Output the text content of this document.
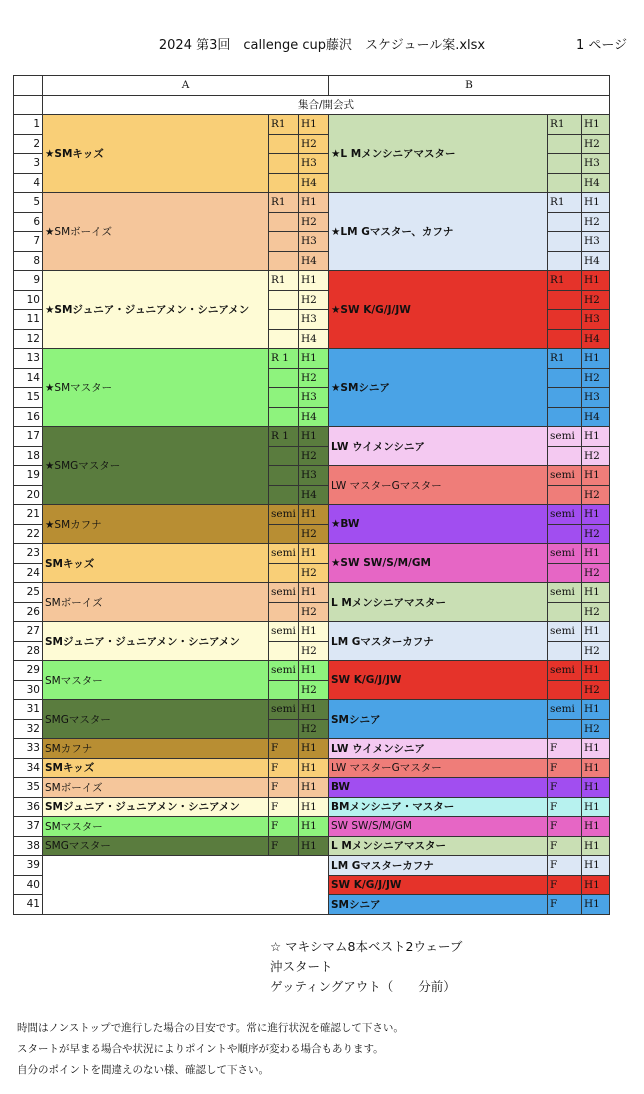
2024 第3回　callenge cup藤沢　スケジュール案.xlsx	1 ページ
	A			B		
	集合/開会式					
1	★SMキッズ	R1	H1	★L Mメンシニアマスター	R1	H1
2			H2			H2
3			H3			H3
4			H4			H4
5	★SMボーイズ	R1	H1	★LM Gマスター、カフナ	R1	H1
6			H2			H2
7			H3			H3
8			H4			H4
9	★SMジュニア・ジュニアメン・シニアメン	R1	H1	★SW K/G/J/JW	R1	H1
10			H2			H2
11			H3			H3
12			H4			H4
13	★SMマスター	R 1	H1	★SMシニア	R1	H1
14			H2			H2
15			H3			H3
16			H4			H4
17	★SMGマスター	R 1	H1	LW ウイメンシニア	semi	H1
18			H2			H2
19			H3	LW マスターGマスター	semi	H1
20			H4			H2
21	★SMカフナ	semi	H1	★BW	semi	H1
22			H2			H2
23	SMキッズ	semi	H1	★SW SW/S/M/GM	semi	H1
24			H2			H2
25	SMボーイズ	semi	H1	L Mメンシニアマスター	semi	H1
26			H2			H2
27	SMジュニア・ジュニアメン・シニアメン	semi	H1	LM Gマスターカフナ	semi	H1
28			H2			H2
29	SMマスター	semi	H1	SW K/G/J/JW	semi	H1
30			H2			H2
31	SMGマスター	semi	H1	SMシニア	semi	H1
32			H2			H2
33	SMカフナ	F	H1	LW ウイメンシニア	F	H1
34	SMキッズ	F	H1	LW マスターGマスター	F	H1
35	SMボーイズ	F	H1	BW	F	H1
36	SMジュニア・ジュニアメン・シニアメン	F	H1	BMメンシニア・マスター	F	H1
37	SMマスター	F	H1	SW SW/S/M/GM	F	H1
38	SMGマスター	F	H1	L Mメンシニアマスター	F	H1
39				LM Gマスターカフナ	F	H1
40				SW K/G/J/JW	F	H1
41				SMシニア	F	H1
☆ マキシマム8本ベスト2ウェーブ
沖スタート
ゲッティングアウト（　　分前）
時間はノンストップで進行した場合の目安です。常に進行状況を確認して下さい。
スタートが早まる場合や状況によりポイントや順序が変わる場合もあります。
自分のポイントを間違えのない様、確認して下さい。
